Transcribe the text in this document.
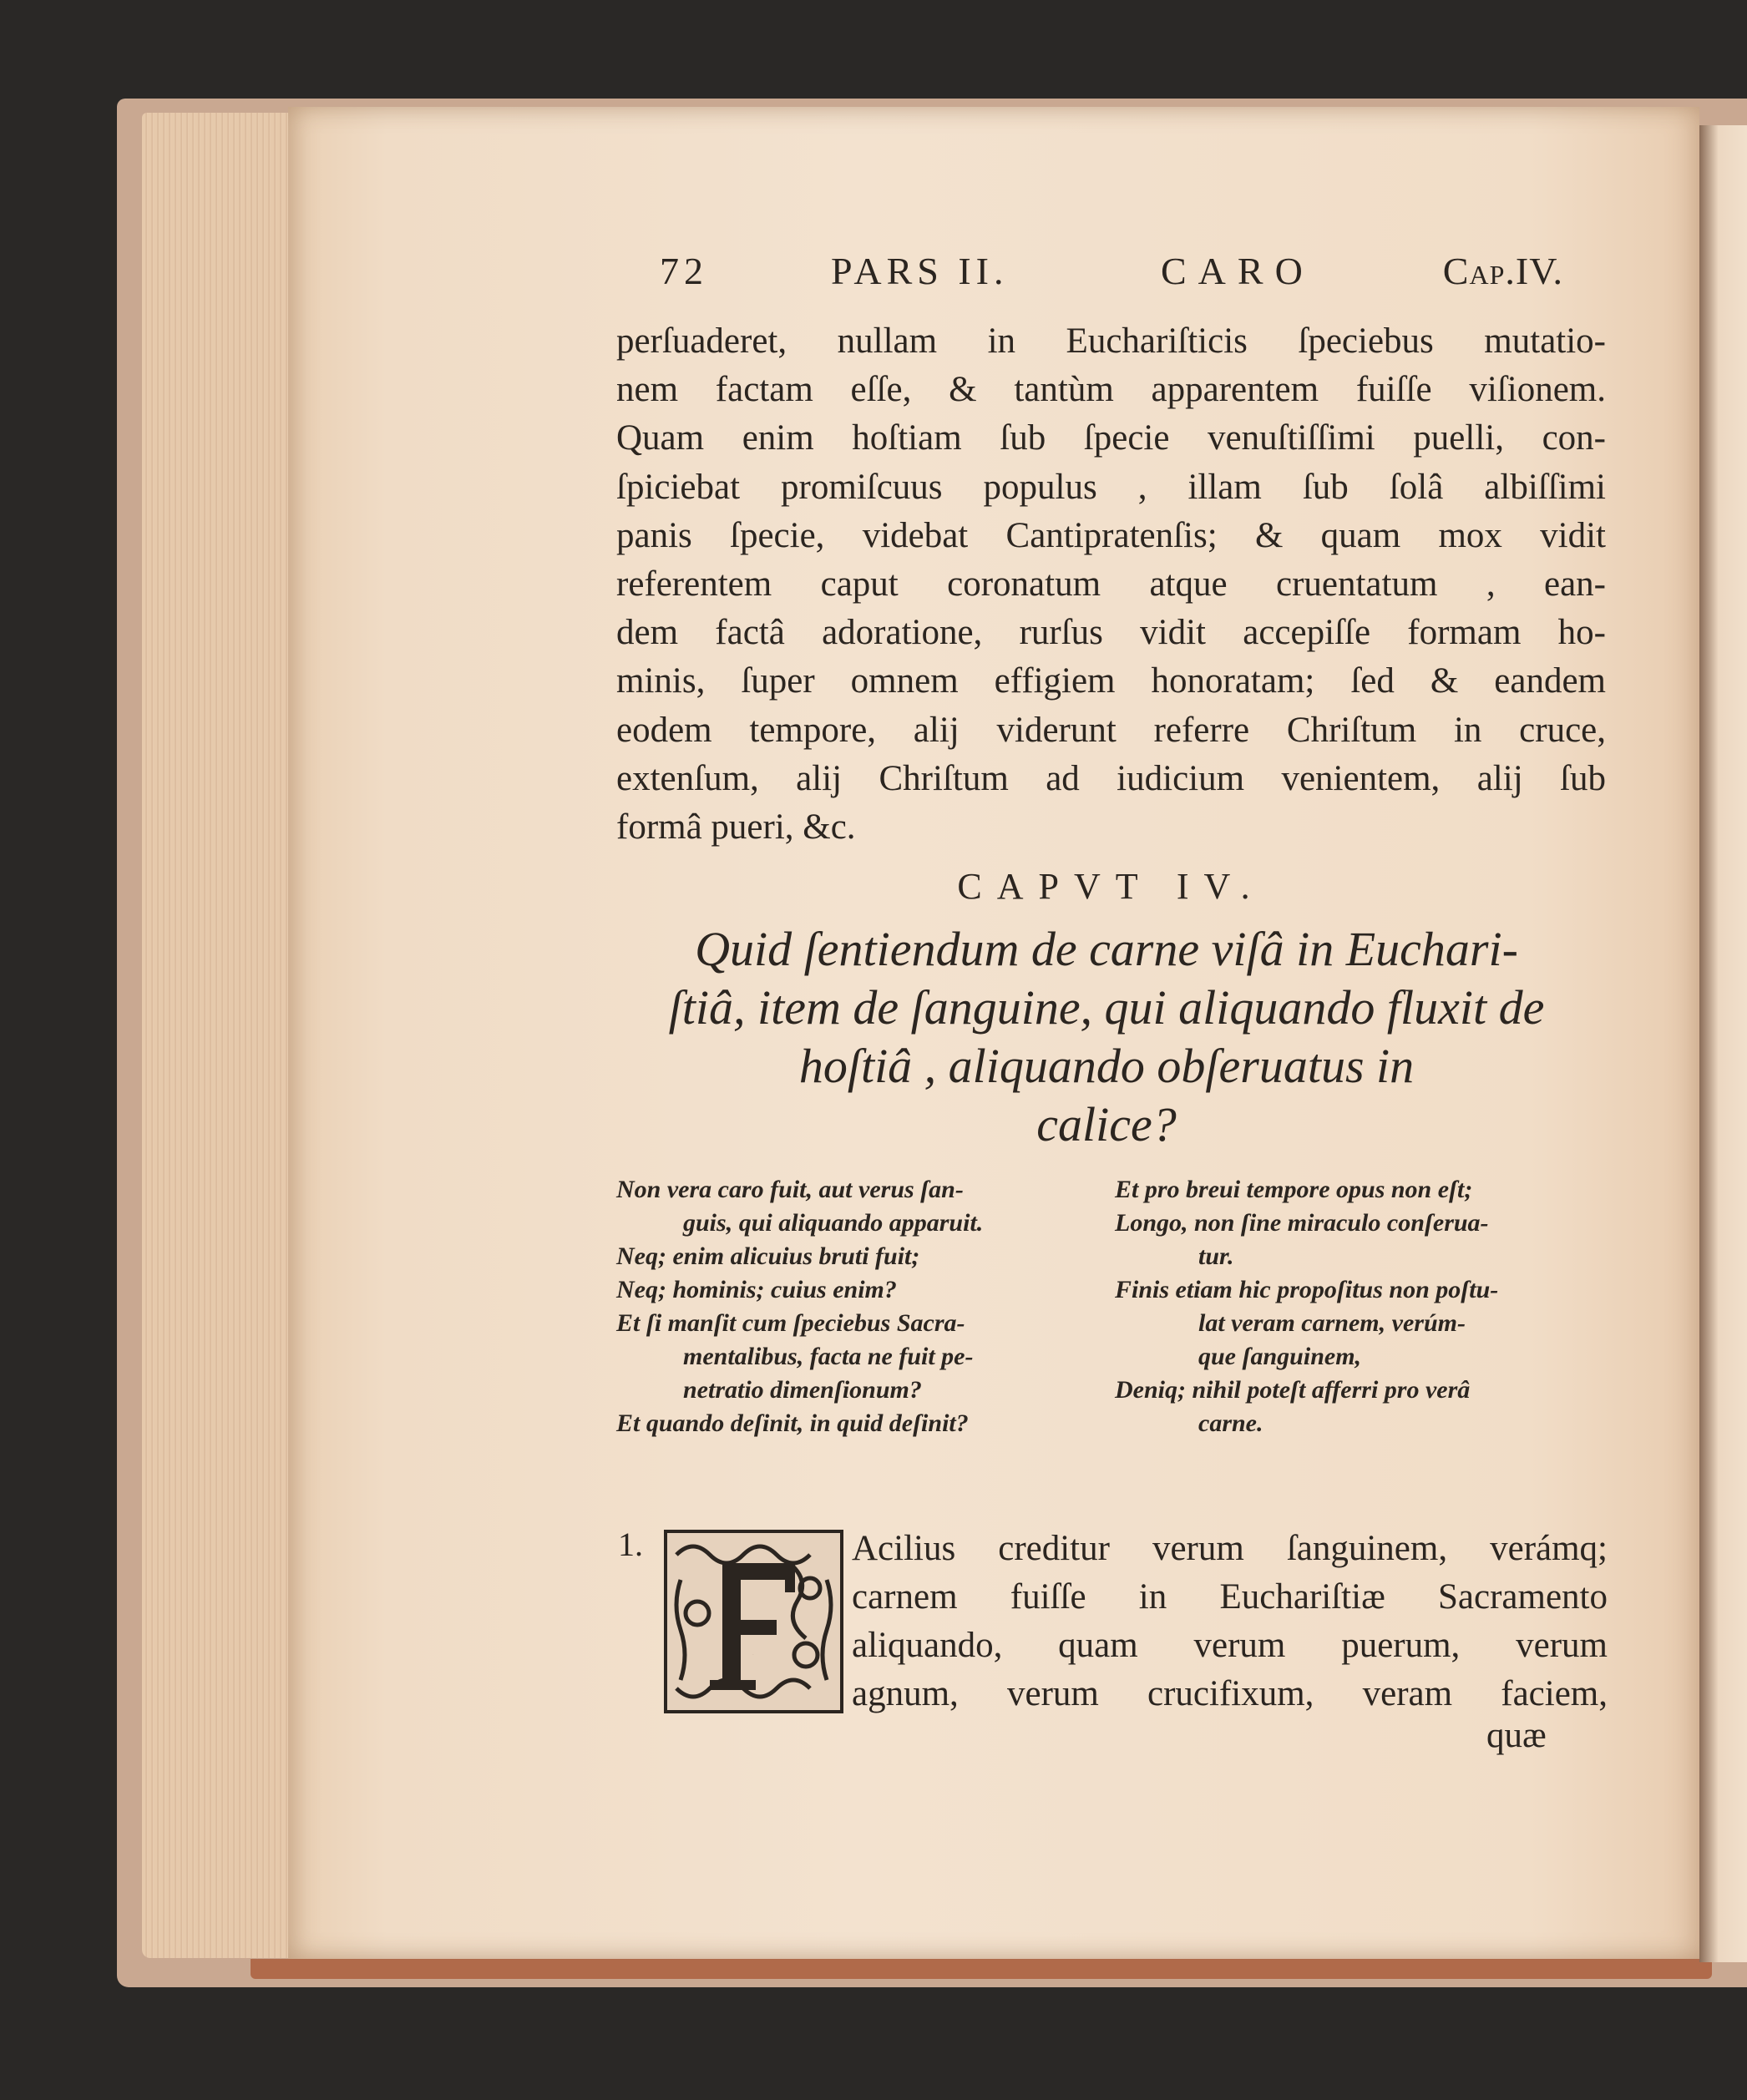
72	PARS II.	CARO	Cap.IV.
perſuaderet, nullam in Euchariſticis ſpeciebus mutatio-
nem factam eſſe, & tantùm apparentem fuiſſe viſionem.
Quam enim hoſtiam ſub ſpecie venuſtiſſimi puelli, con-
ſpiciebat promiſcuus populus , illam ſub ſolâ albiſſimi
panis ſpecie, videbat Cantipratenſis; & quam mox vidit
referentem caput coronatum atque cruentatum , ean-
dem factâ adoratione, rurſus vidit accepiſſe formam ho-
minis, ſuper omnem effigiem honoratam; ſed & eandem
eodem tempore, alij viderunt referre Chriſtum in cruce,
extenſum, alij Chriſtum ad iudicium venientem, alij ſub
formâ pueri, &c.
CAPVT IV.
Quid ſentiendum de carne viſâ in Euchari-
ſtiâ, item de ſanguine, qui aliquando fluxit de
hoſtiâ , aliquando obſeruatus in
calice?
Non vera caro fuit, aut verus ſan-
guis, qui aliquando apparuit.
Neq; enim alicuius bruti fuit;
Neq; hominis; cuius enim?
Et ſi manſit cum ſpeciebus Sacra-
mentalibus, facta ne fuit pe-
netratio dimenſionum?
Et quando deſinit, in quid deſinit?
Et pro breui tempore opus non eſt;
Longo, non ſine miraculo conſerua-
tur.
Finis etiam hic propoſitus non poſtu-
lat veram carnem, verúm-
que ſanguinem,
Deniq; nihil poteſt afferri pro verâ
carne.
1.
F
Acilius creditur verum ſanguinem, verámq;
carnem fuiſſe in Euchariſtiæ Sacramento
aliquando, quam verum puerum, verum
agnum, verum crucifixum, veram faciem,
quæ
